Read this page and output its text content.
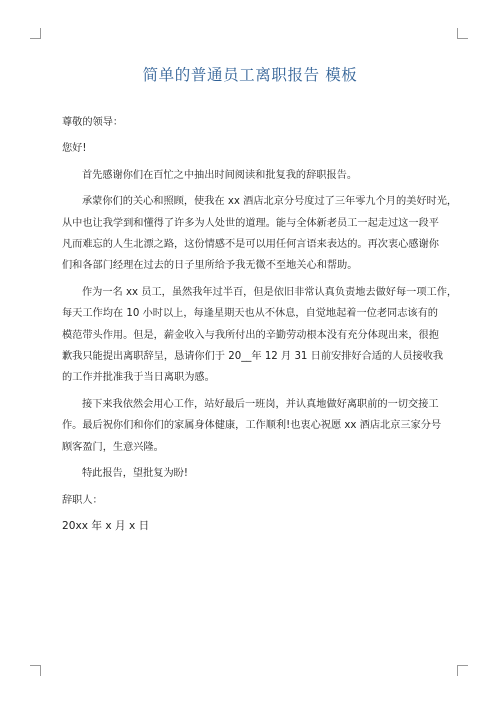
简单的普通员工离职报告 模板

尊敬的领导：

您好!

首先感谢你们在百忙之中抽出时间阅读和批复我的辞职报告。

承蒙你们的关心和照顾，使我在 xx 酒店北京分号度过了三年零九个月的美好时光，
从中也让我学到和懂得了许多为人处世的道理。能与全体新老员工一起走过这一段平
凡而难忘的人生北漂之路，这份情感不是可以用任何言语来表达的。再次衷心感谢你
们和各部门经理在过去的日子里所给予我无微不至地关心和帮助。

作为一名 xx 员工，虽然我年过半百，但是依旧非常认真负责地去做好每一项工作，
每天工作均在 10 小时以上，每逢星期天也从不休息，自觉地起着一位老同志该有的
模范带头作用。但是，薪金收入与我所付出的辛勤劳动根本没有充分体现出来，很抱
歉我只能提出离职辞呈，恳请你们于 20__年 12 月 31 日前安排好合适的人员接收我
的工作并批准我于当日离职为感。

接下来我依然会用心工作，站好最后一班岗，并认真地做好离职前的一切交接工
作。最后祝你们和你们的家属身体健康，工作顺利!也衷心祝愿 xx 酒店北京三家分号
顾客盈门，生意兴隆。

特此报告，望批复为盼!

辞职人：

20xx 年 x 月 x 日
